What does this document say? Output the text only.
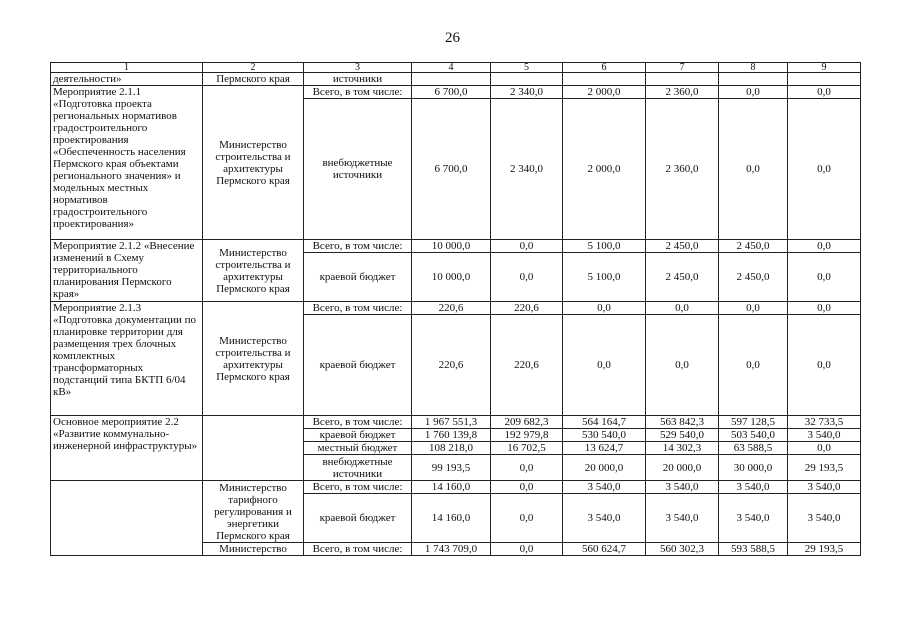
26
1	2	3	4	5	6	7	8	9
деятельности»	Пермского края	источники						
Мероприятие 2.1.1 «Подготовка проекта региональных нормативов градостроительного проектирования «Обеспеченность населения Пермского края объектами регионального значения» и модельных местных нормативов градостроительного проектирования»	Министерство строительства и архитектуры Пермского края	Всего, в том числе:	6 700,0	2 340,0	2 000,0	2 360,0	0,0	0,0
		внебюджетные источники	6 700,0	2 340,0	2 000,0	2 360,0	0,0	0,0
Мероприятие 2.1.2 «Внесение изменений в Схему территориального планирования Пермского края»	Министерство строительства и архитектуры Пермского края	Всего, в том числе:	10 000,0	0,0	5 100,0	2 450,0	2 450,0	0,0
		краевой бюджет	10 000,0	0,0	5 100,0	2 450,0	2 450,0	0,0
Мероприятие 2.1.3 «Подготовка документации по планировке территории для размещения трех блочных комплектных трансформаторных подстанций типа БКТП 6/04 кВ»	Министерство строительства и архитектуры Пермского края	Всего, в том числе:	220,6	220,6	0,0	0,0	0,0	0,0
		краевой бюджет	220,6	220,6	0,0	0,0	0,0	0,0
Основное мероприятие 2.2 «Развитие коммунально-инженерной инфраструктуры»		Всего, в том числе:	1 967 551,3	209 682,3	564 164,7	563 842,3	597 128,5	32 733,5
		краевой бюджет	1 760 139,8	192 979,8	530 540,0	529 540,0	503 540,0	3 540,0
		местный бюджет	108 218,0	16 702,5	13 624,7	14 302,3	63 588,5	0,0
		внебюджетные источники	99 193,5	0,0	20 000,0	20 000,0	30 000,0	29 193,5
	Министерство тарифного регулирования и энергетики Пермского края	Всего, в том числе:	14 160,0	0,0	3 540,0	3 540,0	3 540,0	3 540,0
		краевой бюджет	14 160,0	0,0	3 540,0	3 540,0	3 540,0	3 540,0
	Министерство	Всего, в том числе:	1 743 709,0	0,0	560 624,7	560 302,3	593 588,5	29 193,5
